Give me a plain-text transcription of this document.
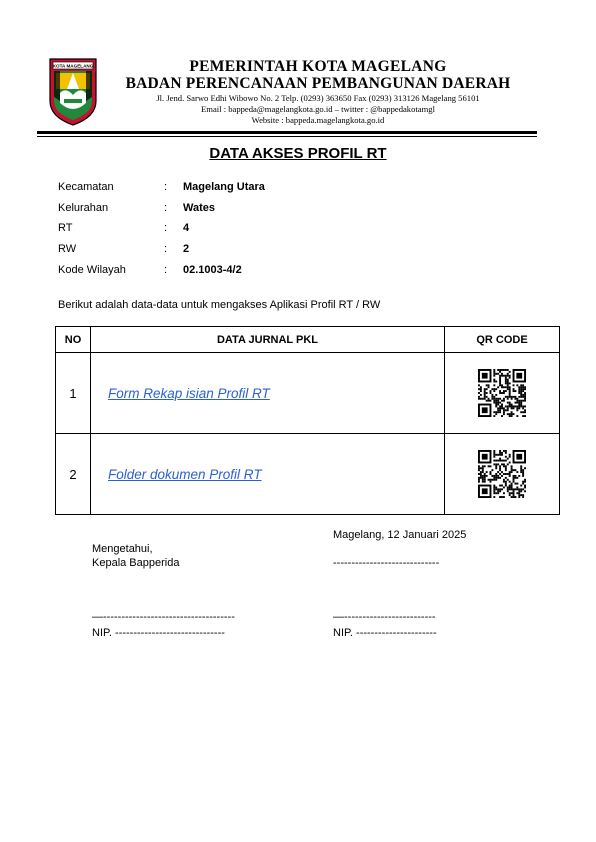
KOTA MAGELANG	PEMERINTAH KOTA MAGELANG
BADAN PERENCANAAN PEMBANGUNAN DAERAH
Jl. Jend. Sarwo Edhi Wibowo No. 2 Telp. (0293) 363650 Fax (0293) 313126 Magelang 56101
Email : bappeda@magelangkota.go.id – twitter : @bappedakotamgl
Website : bappeda.magelangkota.go.id
DATA AKSES PROFIL RT
Kecamatan	: Magelang Utara
Kelurahan	: Wates
RT	: 4
RW	: 2
Kode Wilayah	: 02.1003-4/2
Berikut adalah data-data untuk mengakses Aplikasi Profil RT / RW
NO	DATA JURNAL PKL	QR CODE
1	Form Rekap isian Profil RT	
2	Folder dokumen Profil RT	
Magelang, 12 Januari 2025
Mengetahui,
Kepala Bapperida	-----------------------------
—------------------------------------
NIP. ------------------------------
—-------------------------
NIP. ----------------------
